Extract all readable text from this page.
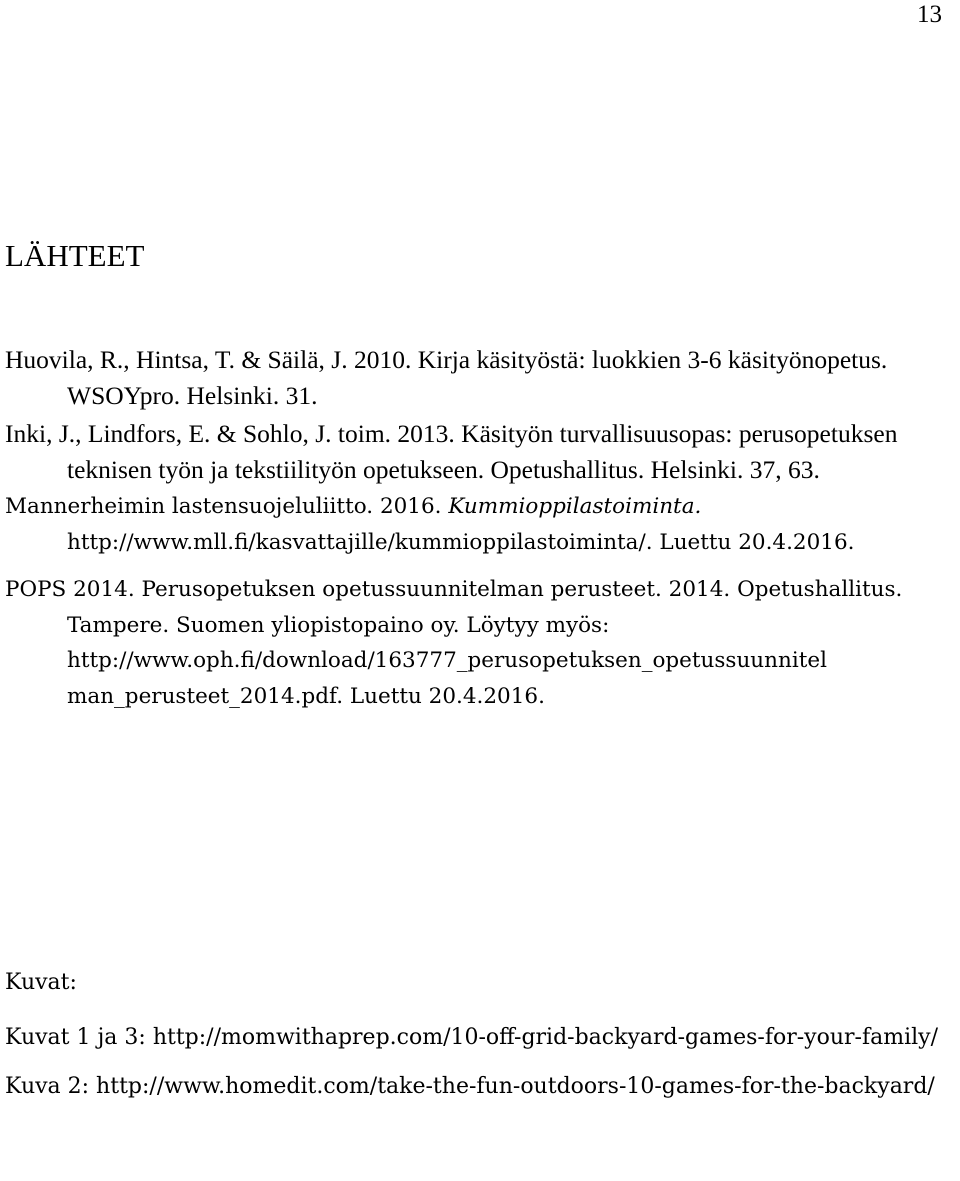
13
LÄHTEET
Huovila, R., Hintsa, T. & Säilä, J. 2010. Kirja käsityöstä: luokkien 3-6 käsityönopetus. WSOYpro. Helsinki. 31.
Inki, J., Lindfors, E. & Sohlo, J. toim. 2013. Käsityön turvallisuusopas: perusopetuksen teknisen työn ja tekstiilityön opetukseen. Opetushallitus. Helsinki. 37, 63.
Mannerheimin lastensuojeluliitto. 2016. Kummioppilastoiminta. http://www.mll.fi/kasvattajille/kummioppilastoiminta/. Luettu 20.4.2016.
POPS 2014. Perusopetuksen opetussuunnitelman perusteet. 2014. Opetushallitus. Tampere. Suomen yliopistopaino oy. Löytyy myös: http://www.oph.fi/download/163777_perusopetuksen_opetussuunnitel man_perusteet_2014.pdf. Luettu 20.4.2016.
Kuvat:
Kuvat 1 ja 3: http://momwithaprep.com/10-off-grid-backyard-games-for-your-family/
Kuva 2: http://www.homedit.com/take-the-fun-outdoors-10-games-for-the-backyard/
